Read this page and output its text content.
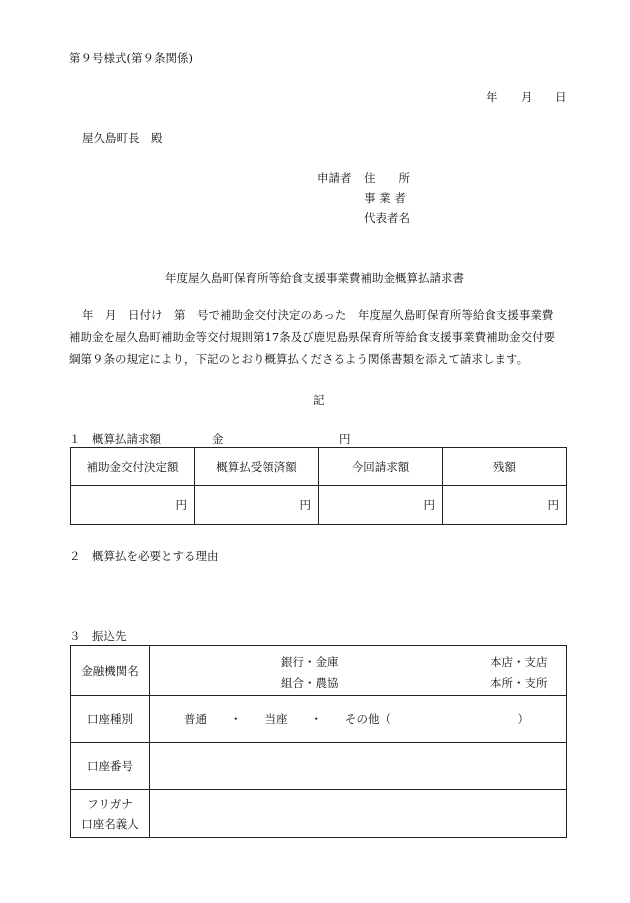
第９号様式(第９条関係)
年 月 日
屋久島町長　殿
申請者 住　　所
事 業 者
代表者名
年度屋久島町保育所等給食支援事業費補助金概算払請求書
年　月　日付け　第　号で補助金交付決定のあった　年度屋久島町保育所等給食支援事業費
補助金を屋久島町補助金等交付規則第17条及び鹿児島県保育所等給食支援事業費補助金交付要
綱第９条の規定により，下記のとおり概算払くださるよう関係書類を添えて請求します。
記
１　概算払請求額	金	円
補助金交付決定額	概算払受領済額	今回請求額	残額
円	円	円	円
２　概算払を必要とする理由
３　振込先
金融機関名	銀行・金庫
組合・農協
本店・支店
本所・支所

口座種別	普通　　・　　当座　　・　　その他（　　　　　　　　　　　）
口座番号	

フリガナ
口座名義人	
